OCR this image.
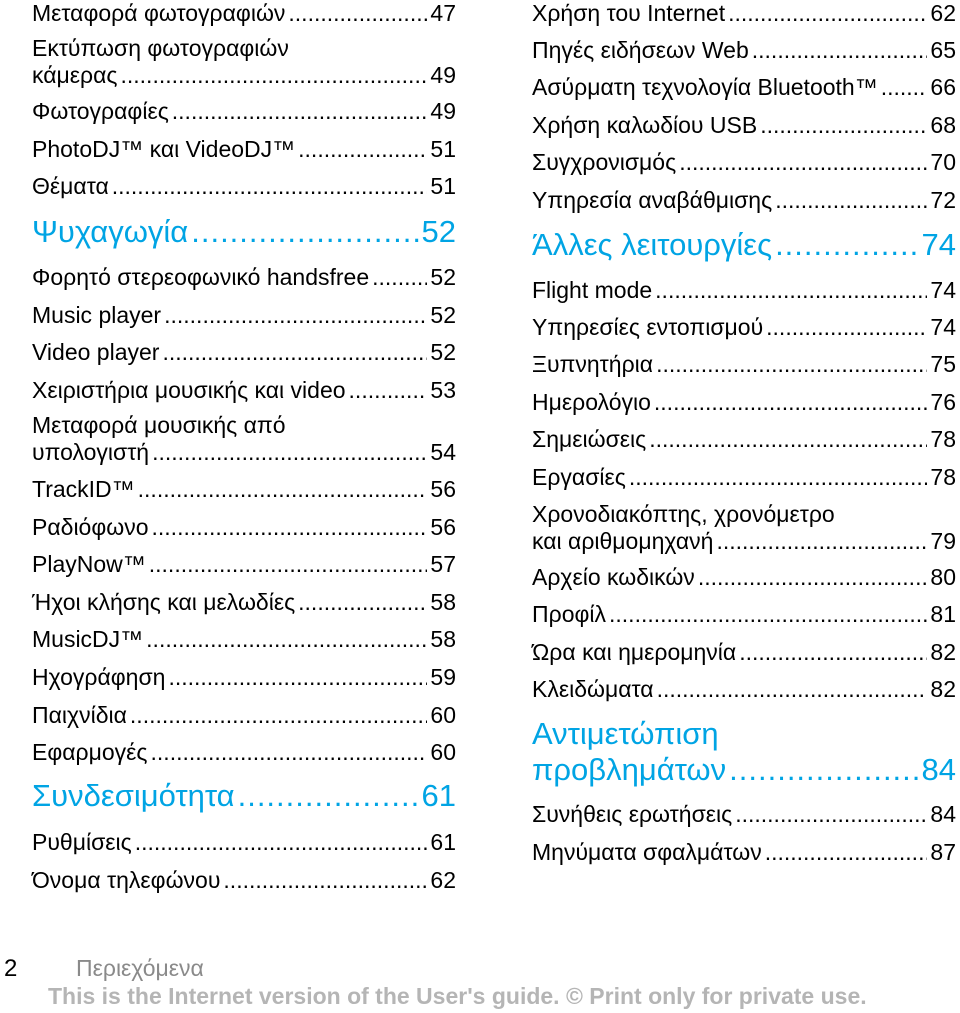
Μεταφορά φωτογραφιών .....	47
Εκτύπωση φωτογραφιών
κάμερας .....	49
Φωτογραφίες .....	49
PhotoDJ™ και VideoDJ™ .....	51
Θέματα .....	51
Ψυχαγωγία .....	52
Φορητό στερεοφωνικό handsfree .....	52
Music player .....	52
Video player .....	52
Χειριστήρια μουσικής και video .....	53
Μεταφορά μουσικής από
υπολογιστή .....	54
TrackID™ .....	56
Ραδιόφωνο .....	56
PlayNow™ .....	57
Ήχοι κλήσης και μελωδίες .....	58
MusicDJ™ .....	58
Ηχογράφηση .....	59
Παιχνίδια .....	60
Εφαρμογές .....	60
Συνδεσιμότητα .....	61
Ρυθμίσεις .....	61
Όνομα τηλεφώνου .....	62
Χρήση του Internet .....	62
Πηγές ειδήσεων Web .....	65
Ασύρματη τεχνολογία Bluetooth™ ..... 66
Χρήση καλωδίου USB .....	68
Συγχρονισμός .....	70
Υπηρεσία αναβάθμισης .....	72
Άλλες λειτουργίες .....	74
Flight mode .....	74
Υπηρεσίες εντοπισμού .....	74
Ξυπνητήρια .....	75
Ημερολόγιο .....	76
Σημειώσεις .....	78
Εργασίες .....	78
Χρονοδιακόπτης, χρονόμετρο
και αριθμομηχανή .....	79
Αρχείο κωδικών .....	80
Προφίλ .....	81
Ώρα και ημερομηνία .....	82
Κλειδώματα .....	82
Αντιμετώπιση
προβλημάτων .....	84
Συνήθεις ερωτήσεις .....	84
Μηνύματα σφαλμάτων .....	87
2	Περιεχόμενα
This is the Internet version of the User's guide. © Print only for private use.
